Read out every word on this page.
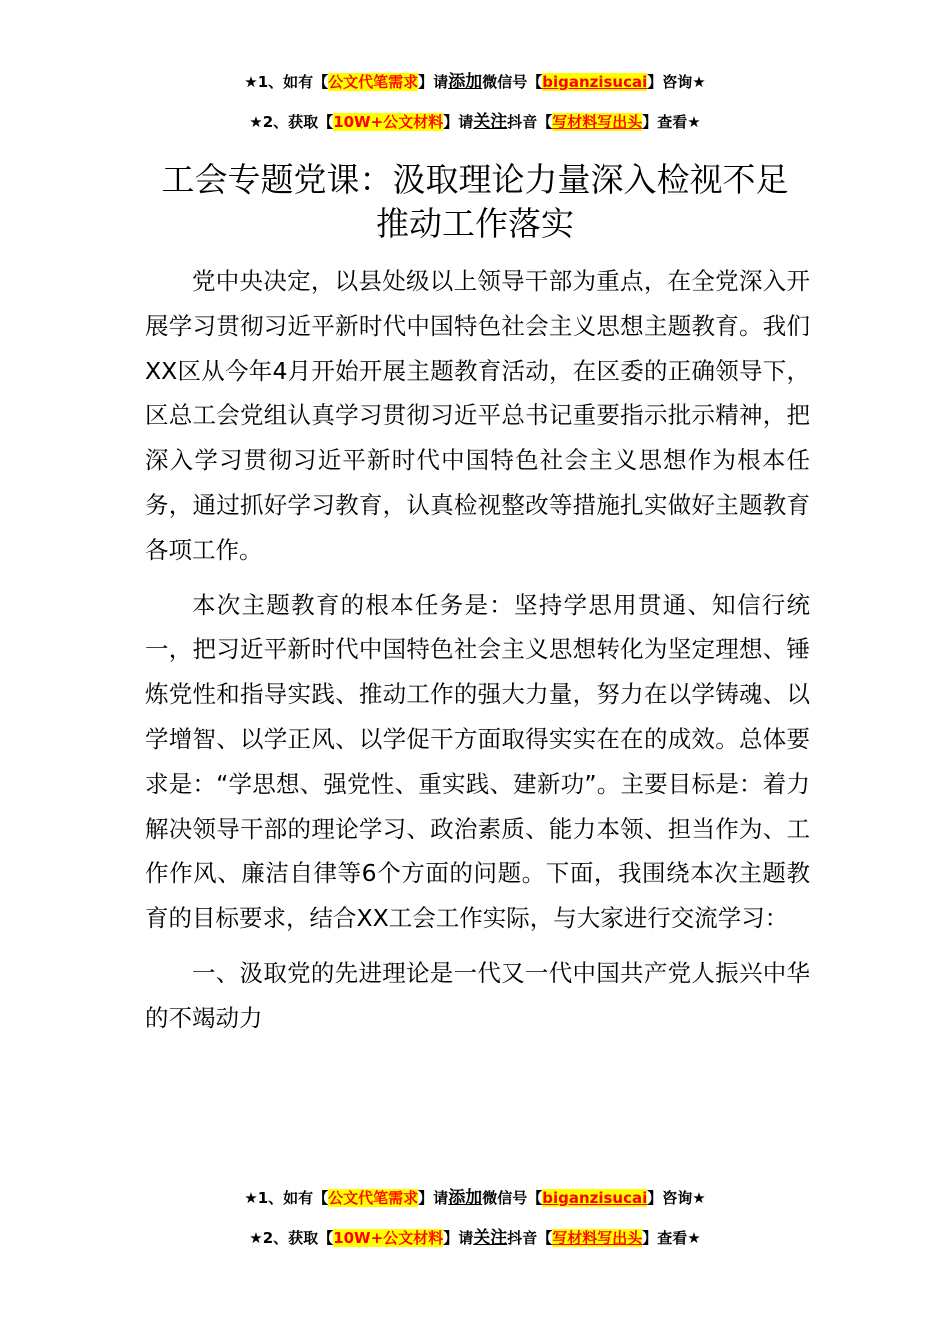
★1、如有【公文代笔需求】请添加微信号【biganzisucai】咨询★
★2、获取【10W+公文材料】请关注抖音【写材料写出头】查看★
工会专题党课：汲取理论力量深入检视不足
推动工作落实

党中央决定，以县处级以上领导干部为重点，在全党深入开展学习贯彻习近平新时代中国特色社会主义思想主题教育。我们XX区从今年4月开始开展主题教育活动，在区委的正确领导下，区总工会党组认真学习贯彻习近平总书记重要指示批示精神，把深入学习贯彻习近平新时代中国特色社会主义思想作为根本任务，通过抓好学习教育，认真检视整改等措施扎实做好主题教育各项工作。

本次主题教育的根本任务是：坚持学思用贯通、知信行统一，把习近平新时代中国特色社会主义思想转化为坚定理想、锤炼党性和指导实践、推动工作的强大力量，努力在以学铸魂、以学增智、以学正风、以学促干方面取得实实在在的成效。总体要求是：“学思想、强党性、重实践、建新功”。主要目标是：着力解决领导干部的理论学习、政治素质、能力本领、担当作为、工作作风、廉洁自律等6个方面的问题。下面，我围绕本次主题教育的目标要求，结合XX工会工作实际，与大家进行交流学习：

一、汲取党的先进理论是一代又一代中国共产党人振兴中华的不竭动力

★1、如有【公文代笔需求】请添加微信号【biganzisucai】咨询★
★2、获取【10W+公文材料】请关注抖音【写材料写出头】查看★
